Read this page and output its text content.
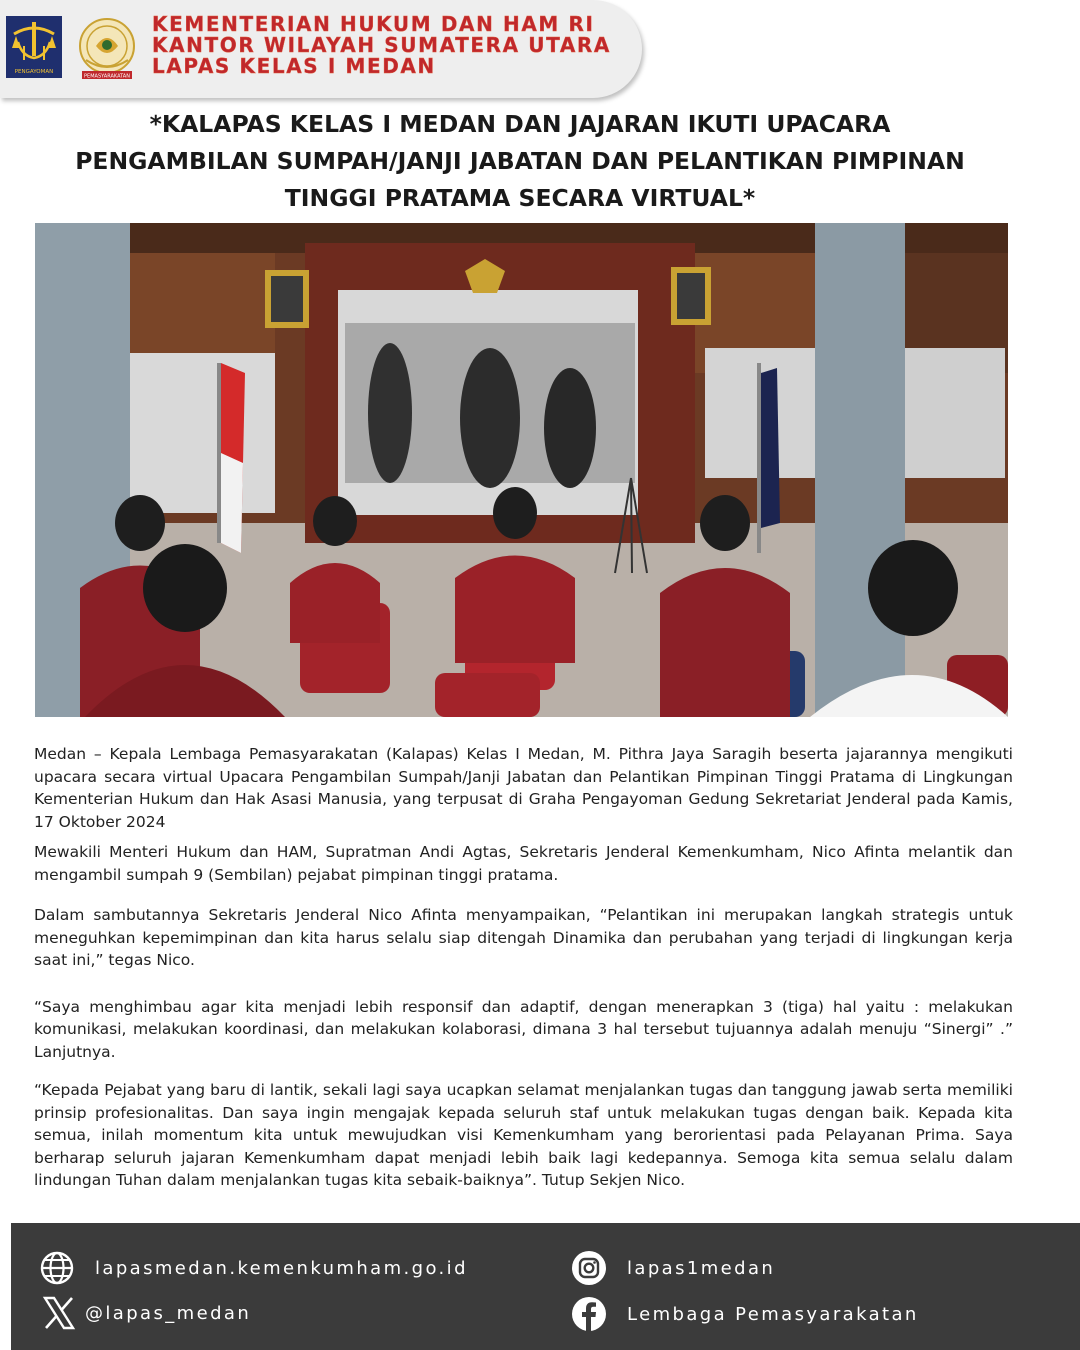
PENGAYOMAN
PEMASYARAKATAN
KEMENTERIAN HUKUM DAN HAM RI
KANTOR WILAYAH SUMATERA UTARA
LAPAS KELAS I MEDAN
*KALAPAS KELAS I MEDAN DAN JAJARAN IKUTI UPACARA
PENGAMBILAN SUMPAH/JANJI JABATAN DAN PELANTIKAN PIMPINAN
TINGGI PRATAMA SECARA VIRTUAL*

Medan – Kepala Lembaga Pemasyarakatan (Kalapas) Kelas I Medan, M. Pithra Jaya Saragih beserta jajarannya mengikuti upacara secara virtual Upacara Pengambilan Sumpah/Janji Jabatan dan Pelantikan Pimpinan Tinggi Pratama di Lingkungan Kementerian Hukum dan Hak Asasi Manusia, yang terpusat di Graha Pengayoman Gedung Sekretariat Jenderal pada Kamis, 17 Oktober 2024

Mewakili Menteri Hukum dan HAM, Supratman Andi Agtas, Sekretaris Jenderal Kemenkumham, Nico Afinta melantik dan mengambil sumpah 9 (Sembilan) pejabat pimpinan tinggi pratama.

Dalam sambutannya Sekretaris Jenderal Nico Afinta menyampaikan, “Pelantikan ini merupakan langkah strategis untuk meneguhkan kepemimpinan dan kita harus selalu siap ditengah Dinamika dan perubahan yang terjadi di lingkungan kerja saat ini,” tegas Nico.

“Saya menghimbau agar kita menjadi lebih responsif dan adaptif, dengan menerapkan 3 (tiga) hal yaitu : melakukan komunikasi, melakukan koordinasi, dan melakukan kolaborasi, dimana 3 hal tersebut tujuannya adalah menuju “Sinergi” .” Lanjutnya.

“Kepada Pejabat yang baru di lantik, sekali lagi saya ucapkan selamat menjalankan tugas dan tanggung jawab serta memiliki prinsip profesionalitas. Dan saya ingin mengajak kepada seluruh staf untuk melakukan tugas dengan baik. Kepada kita semua, inilah momentum kita untuk mewujudkan visi Kemenkumham yang berorientasi pada Pelayanan Prima. Saya berharap seluruh jajaran Kemenkumham dapat menjadi lebih baik lagi kedepannya. Semoga kita semua selalu dalam lindungan Tuhan dalam menjalankan tugas kita sebaik-baiknya”. Tutup Sekjen Nico.

lapasmedan.kemenkumham.go.id
@lapas_medan
lapas1medan
Lembaga Pemasyarakatan
